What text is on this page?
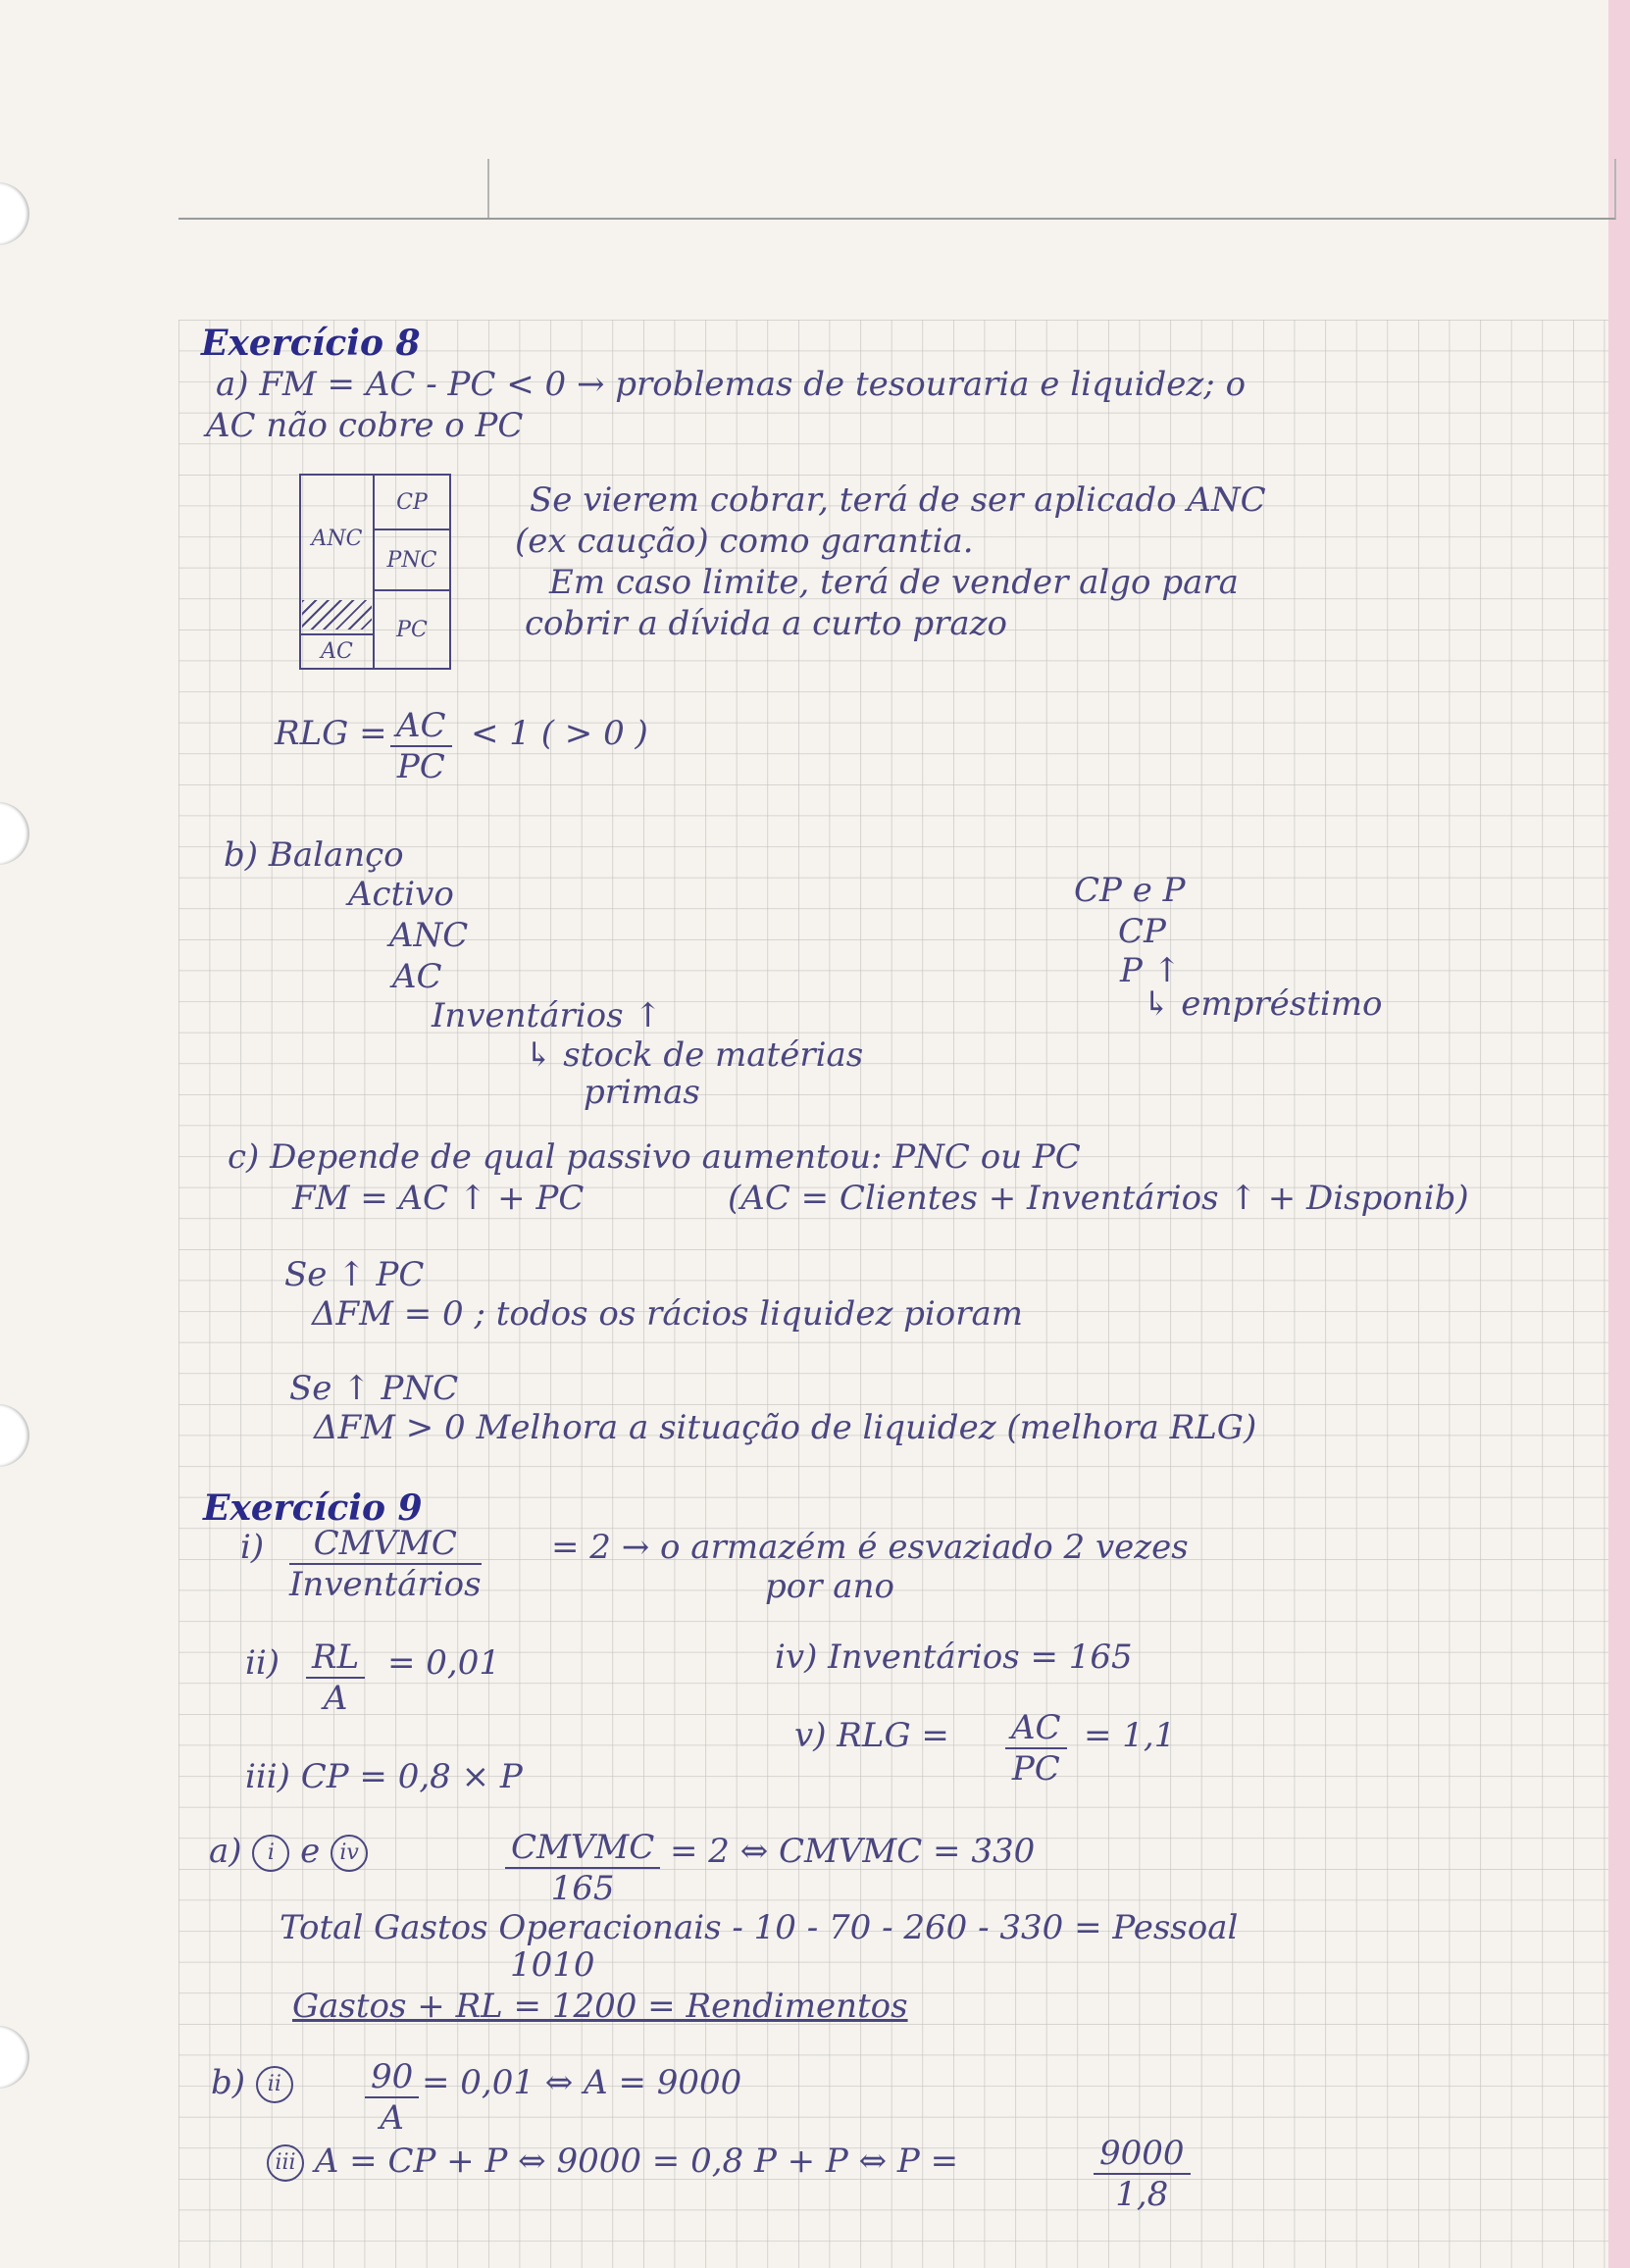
Exercício 8
a) FM = AC - PC < 0 → problemas de tesouraria e liquidez; o
AC não cobre o PC
ANC
AC
CP
PNC
PC
Se vierem cobrar, terá de ser aplicado ANC
(ex caução) como garantia.
Em caso limite, terá de vender algo para
cobrir a dívida a curto prazo
RLG = $\frac{AC}{PC} < 1$ ( > 0 )
b) Balanço
Activo
ANC
AC
Inventários ↑
↳ stock de matérias
primas
CP e P
CP
P ↑
↳ empréstimo
c) Depende de qual passivo aumentou: PNC ou PC
FM = AC ↑ + PC	(AC = Clientes + Inventários ↑ + Disponib)
Se ↑ PC
ΔFM = 0 ; todos os rácios liquidez pioram
Se ↑ PNC
ΔFM > 0 Melhora a situação de liquidez (melhora RLG)
Exercício 9
i)	CMVMC
Inventários
= 2 → o armazém é esvaziado 2 vezes
por ano
$ii) \frac{RL}{A} = 0,01$	iv) Inventários = 165
v) RLG = $\frac{AC}{PC} = 1,1$
iii) CP = 0,8 × P
a) i e iv	CMVMC
165
= 2 ⇔ CMVMC = 330
Total Gastos Operacionais - 10 - 70 - 260 - 330 = Pessoal
1010
Gastos + RL = 1200 = Rendimentos
b) ii	$\frac{90}{A} = 0,01$ ⇔ A = 9000
iii A = CP + P ⇔ 9000 = 0,8 P + P ⇔ P =	$\frac{9000}{1,8}$
